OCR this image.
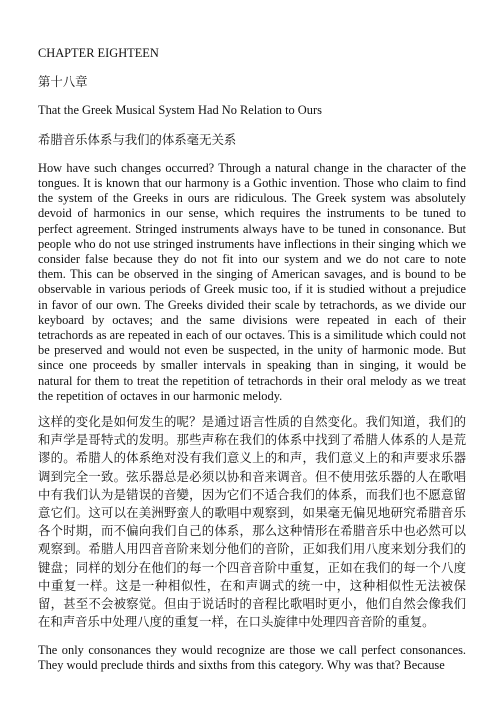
CHAPTER EIGHTEEN

第十八章

That the Greek Musical System Had No Relation to Ours

希腊音乐体系与我们的体系毫无关系

How have such changes occurred? Through a natural change in the character of the tongues. It is known that our harmony is a Gothic invention. Those who claim to find the system of the Greeks in ours are ridiculous. The Greek system was absolutely devoid of harmonics in our sense, which requires the instruments to be tuned to perfect agreement. Stringed instruments always have to be tuned in consonance. But people who do not use stringed instruments have inflections in their singing which we consider false because they do not fit into our system and we do not care to note them. This can be observed in the singing of American savages, and is bound to be observable in various periods of Greek music too, if it is studied without a prejudice in favor of our own. The Greeks divided their scale by tetrachords, as we divide our keyboard by octaves; and the same divisions were repeated in each of their tetrachords as are repeated in each of our octaves. This is a similitude which could not be preserved and would not even be suspected, in the unity of harmonic mode. But since one proceeds by smaller intervals in speaking than in singing, it would be natural for them to treat the repetition of tetrachords in their oral melody as we treat the repetition of octaves in our harmonic melody.

这样的变化是如何发生的呢？是通过语言性质的自然变化。我们知道，我们的和声学是哥特式的发明。那些声称在我们的体系中找到了希腊人体系的人是荒谬的。希腊人的体系绝对没有我们意义上的和声，我们意义上的和声要求乐器调到完全一致。弦乐器总是必须以协和音来调音。但不使用弦乐器的人在歌唱中有我们认为是错误的音變，因为它们不适合我们的体系，而我们也不愿意留意它们。这可以在美洲野蛮人的歌唱中观察到，如果毫无偏见地研究希腊音乐各个时期，而不偏向我们自己的体系，那么这种情形在希腊音乐中也必然可以观察到。希腊人用四音音阶来划分他们的音阶，正如我们用八度来划分我们的键盘；同样的划分在他们的每一个四音音阶中重复，正如在我们的每一个八度中重复一样。这是一种相似性，在和声调式的统一中，这种相似性无法被保留，甚至不会被察觉。但由于说话时的音程比歌唱时更小，他们自然会像我们在和声音乐中处理八度的重复一样，在口头旋律中处理四音音阶的重复。

The only consonances they would recognize are those we call perfect consonances. They would preclude thirds and sixths from this category. Why was that? Because
